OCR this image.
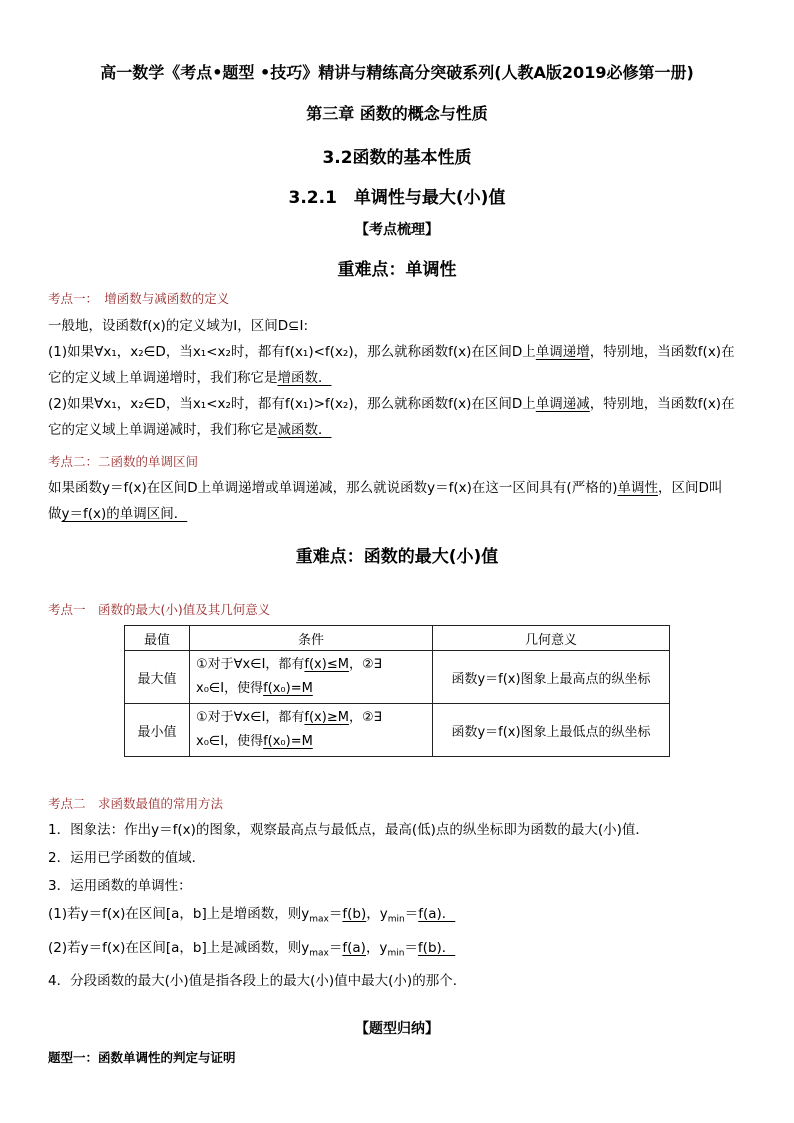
高一数学《考点•题型 •技巧》精讲与精练高分突破系列(人教A版2019必修第一册)
第三章 函数的概念与性质
3.2函数的基本性质
3.2.1　单调性与最大(小)值
【考点梳理】
重难点：单调性
考点一：　增函数与减函数的定义
一般地，设函数f(x)的定义域为I，区间D⊆I:
(1)如果∀x₁，x₂∈D，当x₁<x₂时，都有f(x₁)<f(x₂)，那么就称函数f(x)在区间D上单调递增，特别地，当函数f(x)在
它的定义域上单调递增时，我们称它是增函数．
(2)如果∀x₁，x₂∈D，当x₁<x₂时，都有f(x₁)>f(x₂)，那么就称函数f(x)在区间D上单调递减，特别地，当函数f(x)在
它的定义域上单调递减时，我们称它是减函数．
考点二：二函数的单调区间
如果函数y＝f(x)在区间D上单调递增或单调递减，那么就说函数y＝f(x)在这一区间具有(严格的)单调性，区间D叫
做y＝f(x)的单调区间．
重难点：函数的最大(小)值
考点一　函数的最大(小)值及其几何意义
最值	条件	几何意义
最大值	①对于∀x∈I，都有f(x)≤M，②∃
x₀∈I，使得f(x₀)=M	函数y＝f(x)图象上最高点的纵坐标
最小值	①对于∀x∈I，都有f(x)≥M，②∃
x₀∈I，使得f(x₀)=M	函数y＝f(x)图象上最低点的纵坐标
考点二　求函数最值的常用方法
1．图象法：作出y＝f(x)的图象，观察最高点与最低点，最高(低)点的纵坐标即为函数的最大(小)值．
2．运用已学函数的值域．
3．运用函数的单调性：
(1)若y＝f(x)在区间[a，b]上是增函数，则$y_{max}=f(b)$，$y_{min}=f(a)$．
(2)若y＝f(x)在区间[a，b]上是减函数，则$y_{max}=f(a)$，$y_{min}=f(b)$．
4．分段函数的最大(小)值是指各段上的最大(小)值中最大(小)的那个．
【题型归纳】
题型一：函数单调性的判定与证明
